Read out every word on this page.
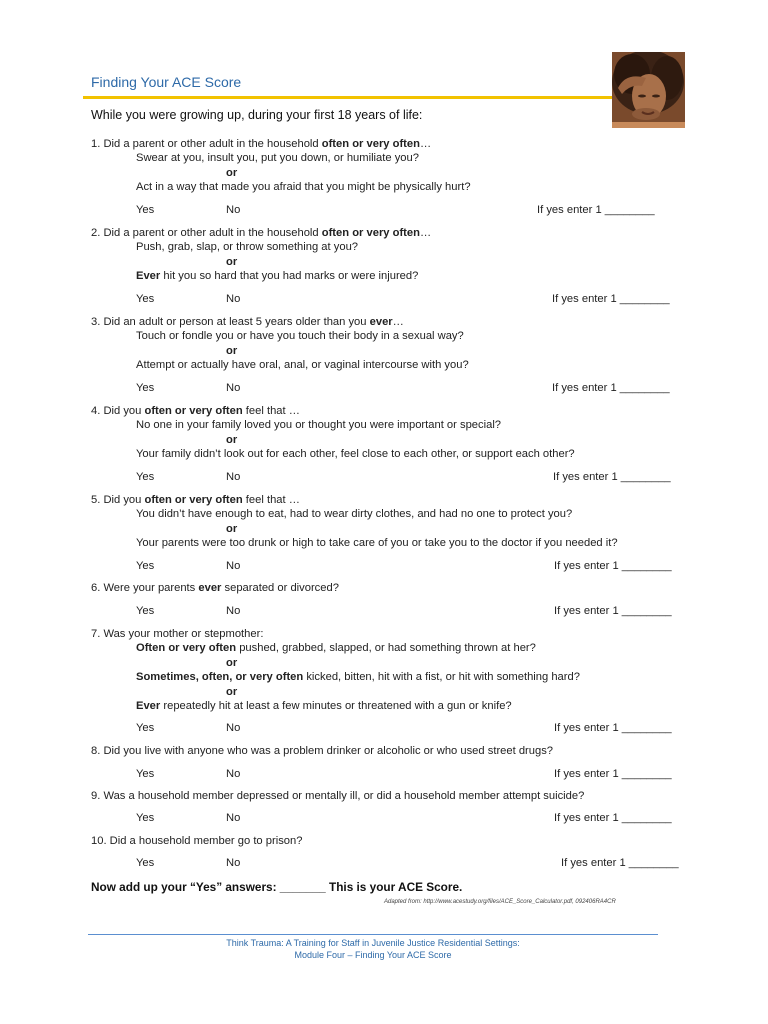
Finding Your ACE Score
While you were growing up, during your first 18 years of life:
1. Did a parent or other adult in the household often or very often…
Swear at you, insult you, put you down, or humiliate you?
or
Act in a way that made you afraid that you might be physically hurt?
Yes	No	If yes enter 1 ________
2. Did a parent or other adult in the household often or very often…
Push, grab, slap, or throw something at you?
or
Ever hit you so hard that you had marks or were injured?
Yes	No	If yes enter 1 ________
3. Did an adult or person at least 5 years older than you ever…
Touch or fondle you or have you touch their body in a sexual way?
or
Attempt or actually have oral, anal, or vaginal intercourse with you?
Yes	No	If yes enter 1 ________
4. Did you often or very often feel that …
No one in your family loved you or thought you were important or special?
or
Your family didn’t look out for each other, feel close to each other, or support each other?
Yes	No	If yes enter 1 ________
5. Did you often or very often feel that …
You didn’t have enough to eat, had to wear dirty clothes, and had no one to protect you?
or
Your parents were too drunk or high to take care of you or take you to the doctor if you needed it?
Yes	No	If yes enter 1 ________
6. Were your parents ever separated or divorced?
Yes	No	If yes enter 1 ________
7. Was your mother or stepmother:
Often or very often pushed, grabbed, slapped, or had something thrown at her?
or
Sometimes, often, or very often kicked, bitten, hit with a fist, or hit with something hard?
or
Ever repeatedly hit at least a few minutes or threatened with a gun or knife?
Yes	No	If yes enter 1 ________
8. Did you live with anyone who was a problem drinker or alcoholic or who used street drugs?
Yes	No	If yes enter 1 ________
9. Was a household member depressed or mentally ill, or did a household member attempt suicide?
Yes	No	If yes enter 1 ________
10. Did a household member go to prison?
Yes	No	If yes enter 1 ________
Now add up your “Yes” answers: _______ This is your ACE Score.
Adapted from: http://www.acestudy.org/files/ACE_Score_Calculator.pdf, 092406RA4CR
Think Trauma: A Training for Staff in Juvenile Justice Residential Settings:
Module Four – Finding Your ACE Score
